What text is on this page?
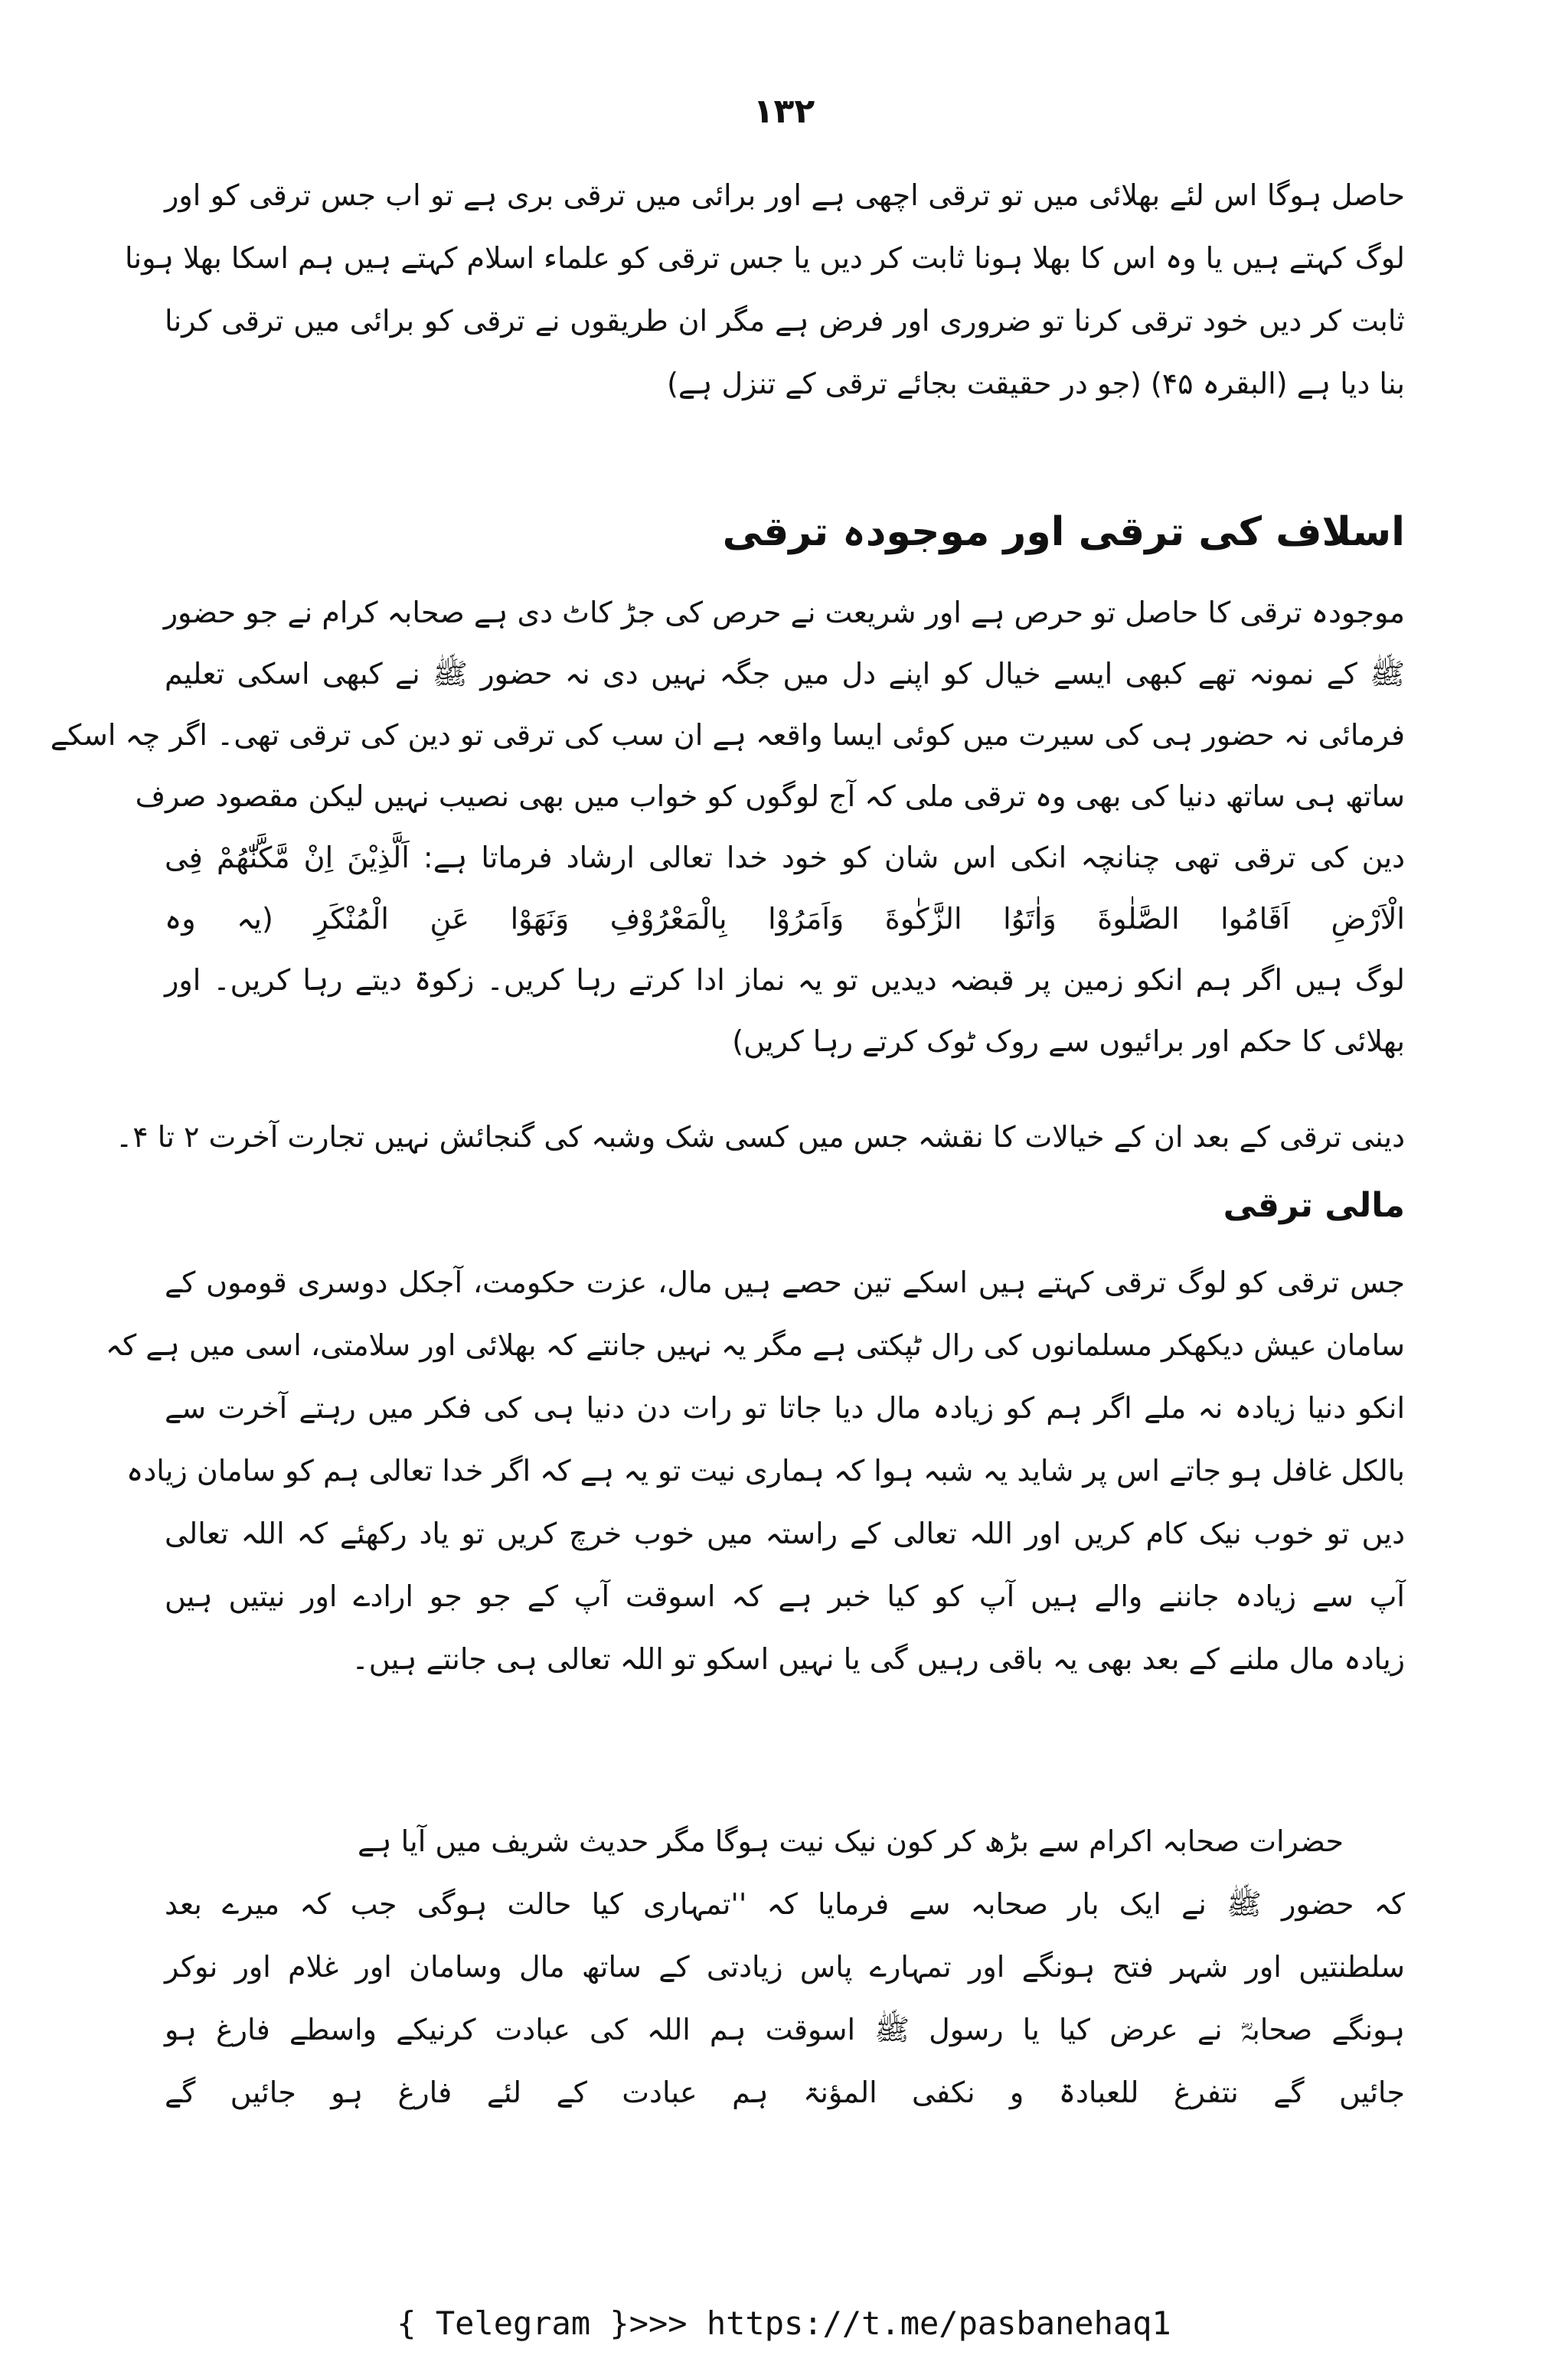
۱۳۲
حاصل ہوگا اس لئے بھلائی میں تو ترقی اچھی ہے اور برائی میں ترقی بری ہے تو اب جس ترقی کو اور
لوگ کہتے ہیں یا وہ اس کا بھلا ہونا ثابت کر دیں یا جس ترقی کو علماء اسلام کہتے ہیں ہم اسکا بھلا ہونا
ثابت کر دیں خود ترقی کرنا تو ضروری اور فرض ہے مگر ان طریقوں نے ترقی کو برائی میں ترقی کرنا
بنا دیا ہے (البقرہ ۴۵) (جو در حقیقت بجائے ترقی کے تنزل ہے)
اسلاف کی ترقی اور موجودہ ترقی
موجودہ ترقی کا حاصل تو حرص ہے اور شریعت نے حرص کی جڑ کاٹ دی ہے صحابہ کرام نے جو حضور
ﷺ کے نمونہ تھے کبھی ایسے خیال کو اپنے دل میں جگہ نہیں دی نہ حضور ﷺ نے کبھی اسکی تعلیم
فرمائی نہ حضور ہی کی سیرت میں کوئی ایسا واقعہ ہے ان سب کی ترقی تو دین کی ترقی تھی۔ اگر چہ اسکے
ساتھ ہی ساتھ دنیا کی بھی وہ ترقی ملی کہ آج لوگوں کو خواب میں بھی نصیب نہیں لیکن مقصود صرف
دین کی ترقی تھی چنانچہ انکی اس شان کو خود خدا تعالی ارشاد فرماتا ہے: اَلَّذِيْنَ اِنْ مَّكَّنّٰهُمْ فِی
الْاَرْضِ اَقَامُوا الصَّلٰوةَ وَاٰتَوُا الزَّكٰوةَ وَاَمَرُوْا بِالْمَعْرُوْفِ وَنَهَوْا عَنِ الْمُنْكَرِ (یہ وہ
لوگ ہیں اگر ہم انکو زمین پر قبضہ دیدیں تو یہ نماز ادا کرتے رہا کریں۔ زکوۃ دیتے رہا کریں۔ اور
بھلائی کا حکم اور برائیوں سے روک ٹوک کرتے رہا کریں)
دینی ترقی کے بعد ان کے خیالات کا نقشہ جس میں کسی شک وشبہ کی گنجائش نہیں تجارت آخرت ۲ تا ۴۔
مالی ترقی
جس ترقی کو لوگ ترقی کہتے ہیں اسکے تین حصے ہیں مال، عزت حکومت، آجکل دوسری قوموں کے
سامان عیش دیکھکر مسلمانوں کی رال ٹپکتی ہے مگر یہ نہیں جانتے کہ بھلائی اور سلامتی، اسی میں ہے کہ
انکو دنیا زیادہ نہ ملے اگر ہم کو زیادہ مال دیا جاتا تو رات دن دنیا ہی کی فکر میں رہتے آخرت سے
بالکل غافل ہو جاتے اس پر شاید یہ شبہ ہوا کہ ہماری نیت تو یہ ہے کہ اگر خدا تعالی ہم کو سامان زیادہ
دیں تو خوب نیک کام کریں اور اللہ تعالی کے راستہ میں خوب خرچ کریں تو یاد رکھئے کہ اللہ تعالی
آپ سے زیادہ جاننے والے ہیں آپ کو کیا خبر ہے کہ اسوقت آپ کے جو جو ارادے اور نیتیں ہیں
زیادہ مال ملنے کے بعد بھی یہ باقی رہیں گی یا نہیں اسکو تو اللہ تعالی ہی جانتے ہیں۔
حضرات صحابہ اکرام سے بڑھ کر کون نیک نیت ہوگا مگر حدیث شریف میں آیا ہے
کہ حضور ﷺ نے ایک بار صحابہ سے فرمایا کہ ''تمہاری کیا حالت ہوگی جب کہ میرے بعد
سلطنتیں اور شہر فتح ہونگے اور تمہارے پاس زیادتی کے ساتھ مال وسامان اور غلام اور نوکر
ہونگے صحابہؓ نے عرض کیا یا رسول ﷺ اسوقت ہم اللہ کی عبادت کرنیکے واسطے فارغ ہو
جائیں گے نتفرغ للعبادۃ و نکفی المؤنۃ ہم عبادت کے لئے فارغ ہو جائیں گے
{ Telegram }>>> https://t.me/pasbanehaq1
